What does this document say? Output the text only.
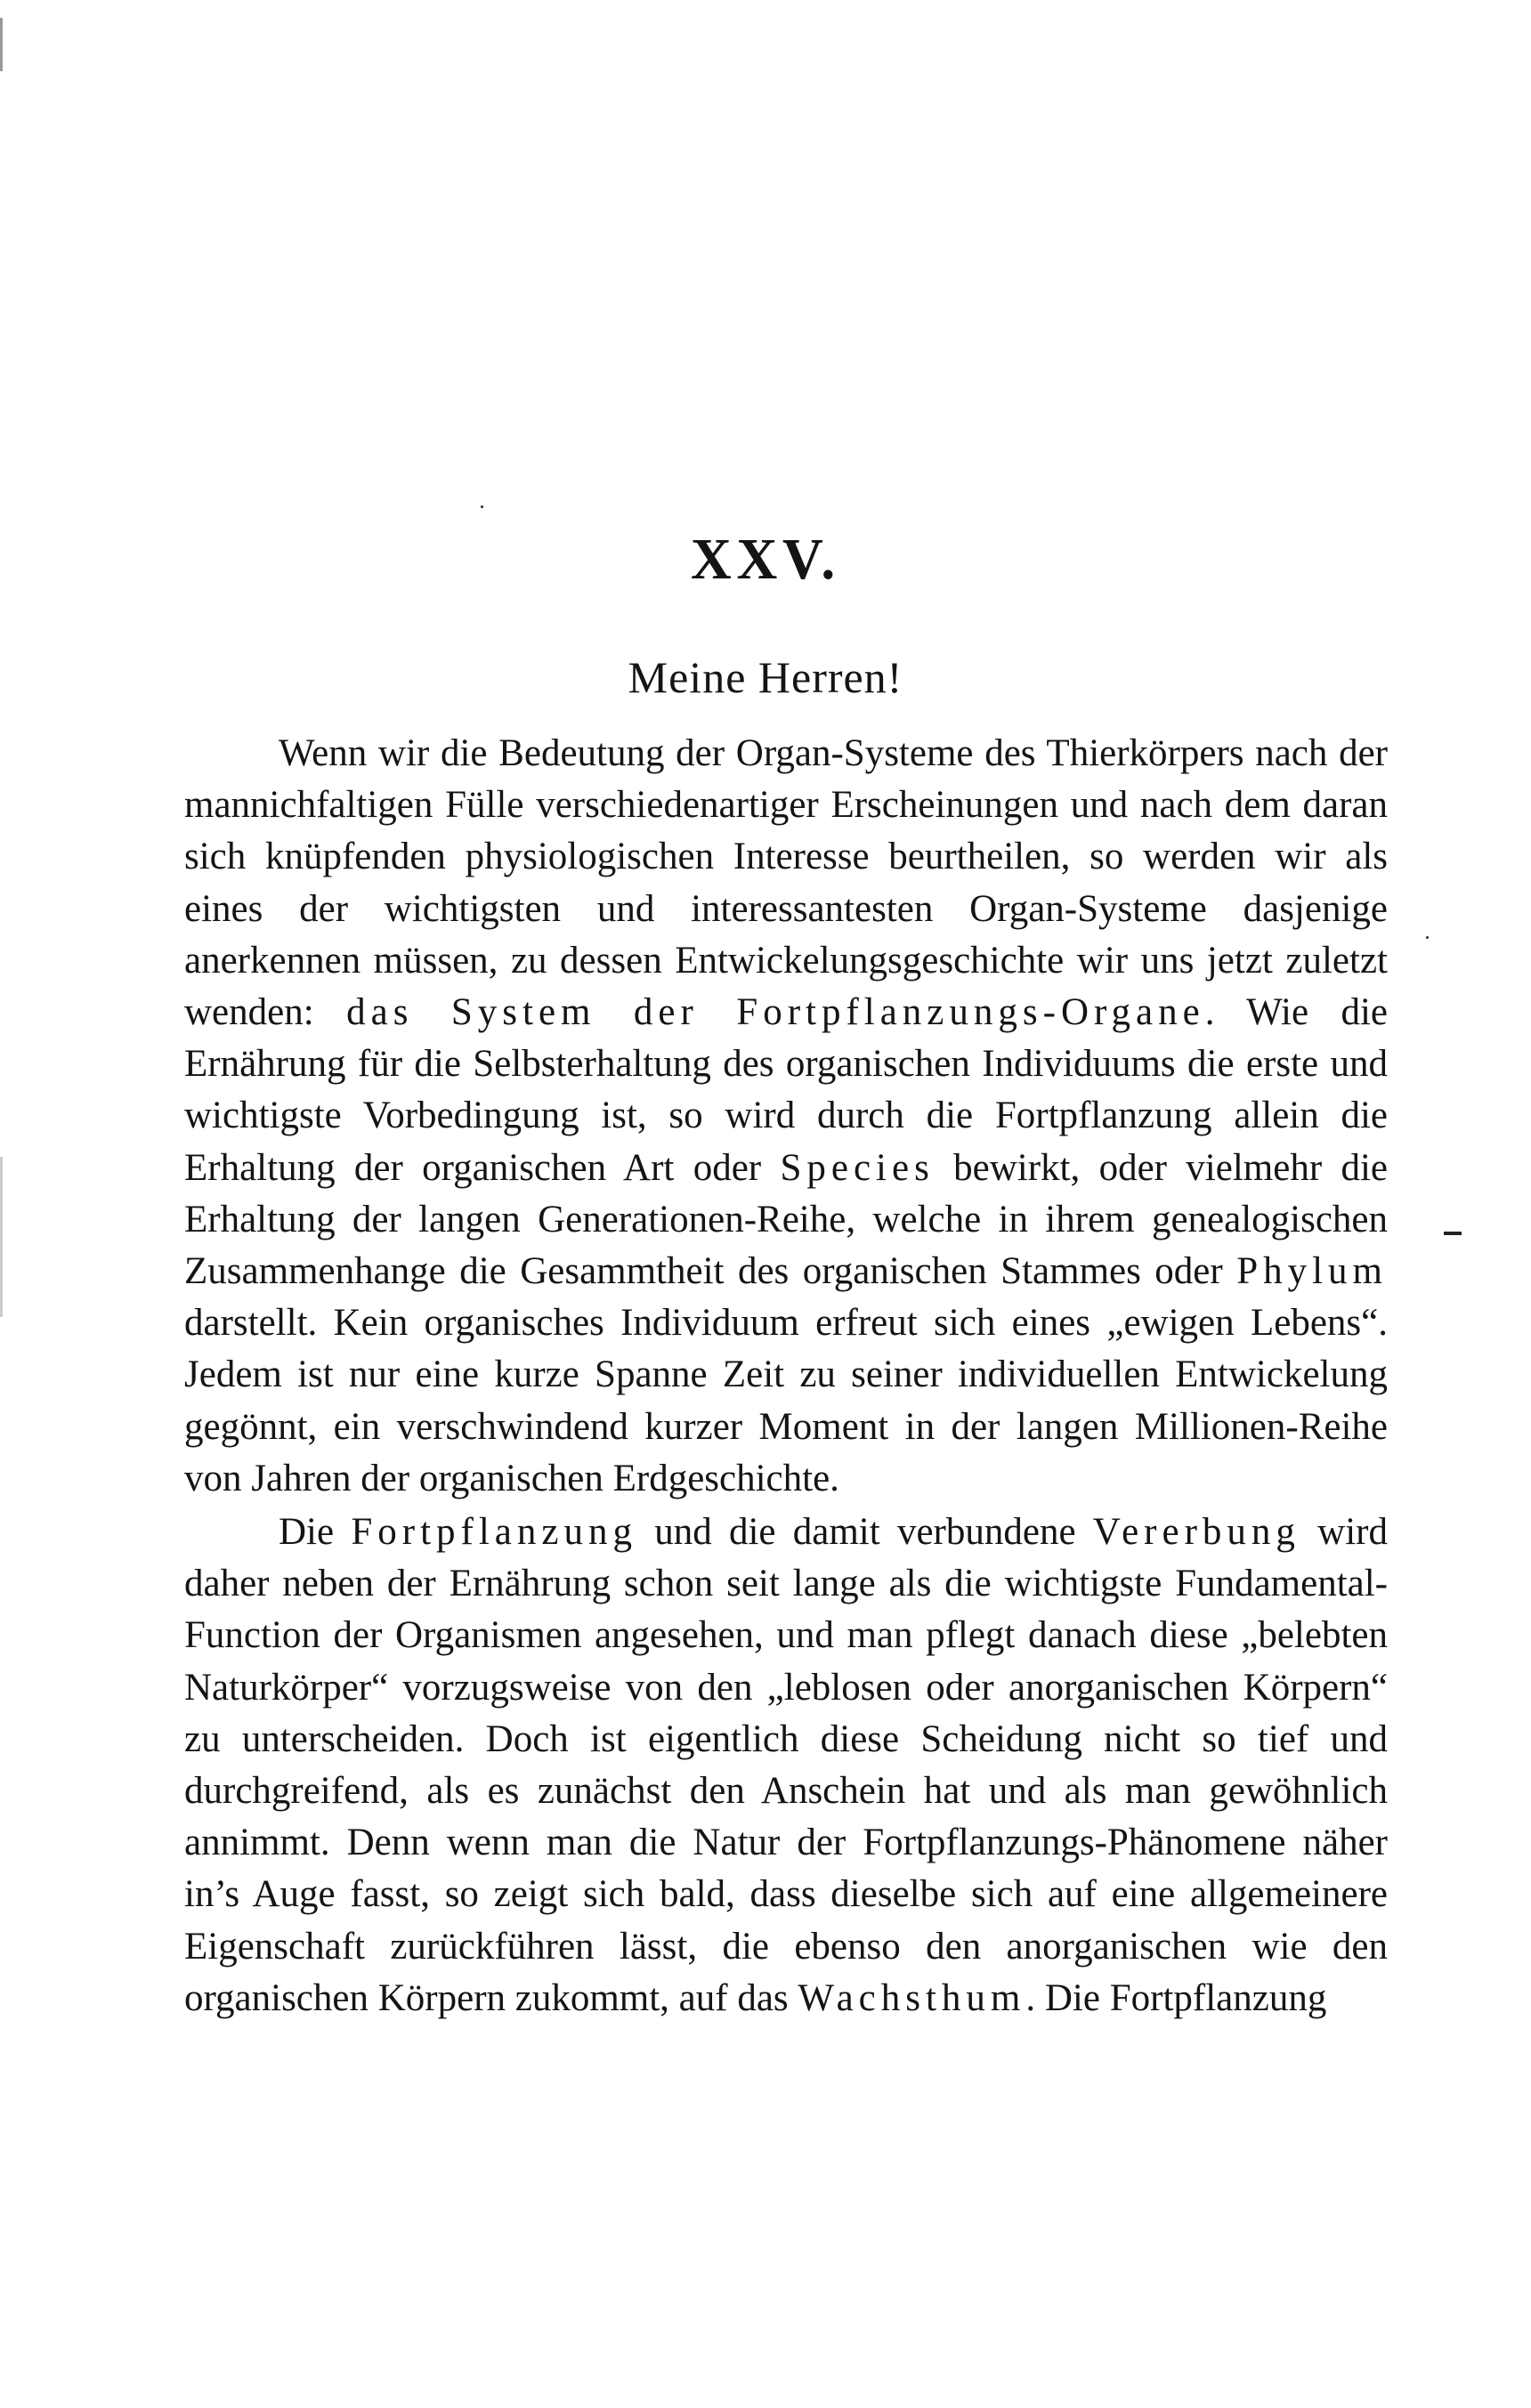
XXV.
Meine Herren!

Wenn wir die Bedeutung der Organ-Systeme des Thierkörpers nach der mannichfaltigen Fülle verschiedenartiger Erscheinungen und nach dem daran sich knüpfenden physiologischen Interesse beurtheilen, so werden wir als eines der wichtigsten und interessantesten Organ-Systeme dasjenige anerkennen müssen, zu dessen Entwickelungsgeschichte wir uns jetzt zuletzt wenden: das System der Fortpflanzungs-Organe. Wie die Ernährung für die Selbsterhaltung des organischen Individuums die erste und wichtigste Vorbedingung ist, so wird durch die Fortpflanzung allein die Erhaltung der organischen Art oder Species bewirkt, oder vielmehr die Erhaltung der langen Generationen-Reihe, welche in ihrem genealogischen Zusammenhange die Gesammtheit des organischen Stammes oder Phylum darstellt. Kein organisches Individuum erfreut sich eines „ewigen Lebens“. Jedem ist nur eine kurze Spanne Zeit zu seiner individuellen Entwickelung gegönnt, ein verschwindend kurzer Moment in der langen Millionen-Reihe von Jahren der organischen Erdgeschichte.

Die Fortpflanzung und die damit verbundene Vererbung wird daher neben der Ernährung schon seit lange als die wichtigste Fundamental-Function der Organismen angesehen, und man pflegt danach diese „belebten Naturkörper“ vorzugsweise von den „leblosen oder anorganischen Körpern“ zu unterscheiden. Doch ist eigentlich diese Scheidung nicht so tief und durchgreifend, als es zunächst den Anschein hat und als man gewöhnlich annimmt. Denn wenn man die Natur der Fortpflanzungs-Phänomene näher in’s Auge fasst, so zeigt sich bald, dass dieselbe sich auf eine allgemeinere Eigenschaft zurückführen lässt, die ebenso den anorganischen wie den organischen Körpern zukommt, auf das Wachsthum. Die Fortpflanzung
